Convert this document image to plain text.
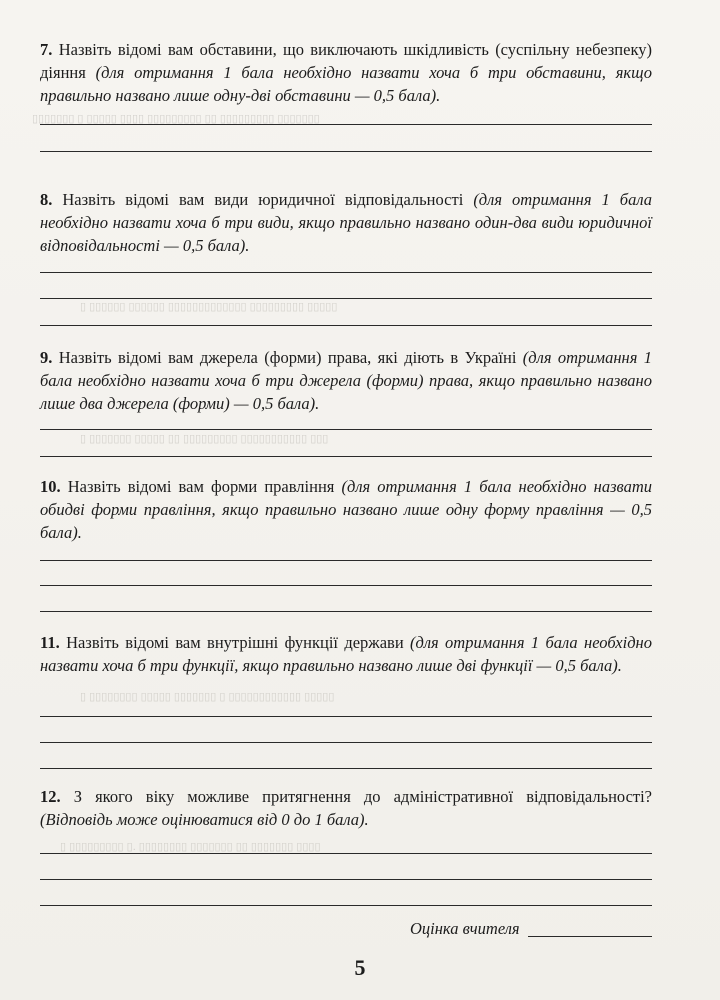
▯▯▯▯▯▯▯ ▯ ▯▯▯▯▯ ▯▯▯▯ ▯▯▯▯▯▯▯▯▯ ▯▯ ▯▯▯▯▯▯▯▯▯ ▯▯▯▯▯▯▯
▯ ▯▯▯▯▯▯ ▯▯▯▯▯▯ ▯▯▯▯▯▯▯▯▯▯▯▯▯ ▯▯▯▯▯▯▯▯▯ ▯▯▯▯▯
▯ ▯▯▯▯▯▯▯ ▯▯▯▯▯ ▯▯ ▯▯▯▯▯▯▯▯▯ ▯▯▯▯▯▯▯▯▯▯▯ ▯▯▯
▯ ▯▯▯▯▯▯▯▯ ▯▯▯▯▯ ▯▯▯▯▯▯▯ ▯ ▯▯▯▯▯▯▯▯▯▯▯▯ ▯▯▯▯▯
▯ ▯▯▯▯▯▯▯▯▯ ▯. ▯▯▯▯▯▯▯▯ ▯▯▯▯▯▯▯ ▯▯ ▯▯▯▯▯▯▯ ▯▯▯▯
7. Назвіть відомі вам обставини, що виключають шкідливість (суспільну небезпеку) діяння (для отримання 1 бала необхідно назвати хоча б три обставини, якщо правильно названо лише одну-дві обставини — 0,5 бала).
8. Назвіть відомі вам види юридичної відповідальності (для отримання 1 бала необхідно назвати хоча б три види, якщо правильно названо один-два види юридичної відповідальності — 0,5 бала).
9. Назвіть відомі вам джерела (форми) права, які діють в Україні (для отримання 1 бала необхідно назвати хоча б три джерела (форми) права, якщо правильно названо лише два джерела (форми) — 0,5 бала).
10. Назвіть відомі вам форми правління (для отримання 1 бала необхідно назвати обидві форми правління, якщо правильно названо лише одну форму правління — 0,5 бала).
11. Назвіть відомі вам внутрішні функції держави (для отримання 1 бала необхідно назвати хоча б три функції, якщо правильно названо лише дві функції — 0,5 бала).
12. З якого віку можливе притягнення до адміністративної відповідальності? (Відповідь може оцінюватися від 0 до 1 бала).
Оцінка вчителя
5
